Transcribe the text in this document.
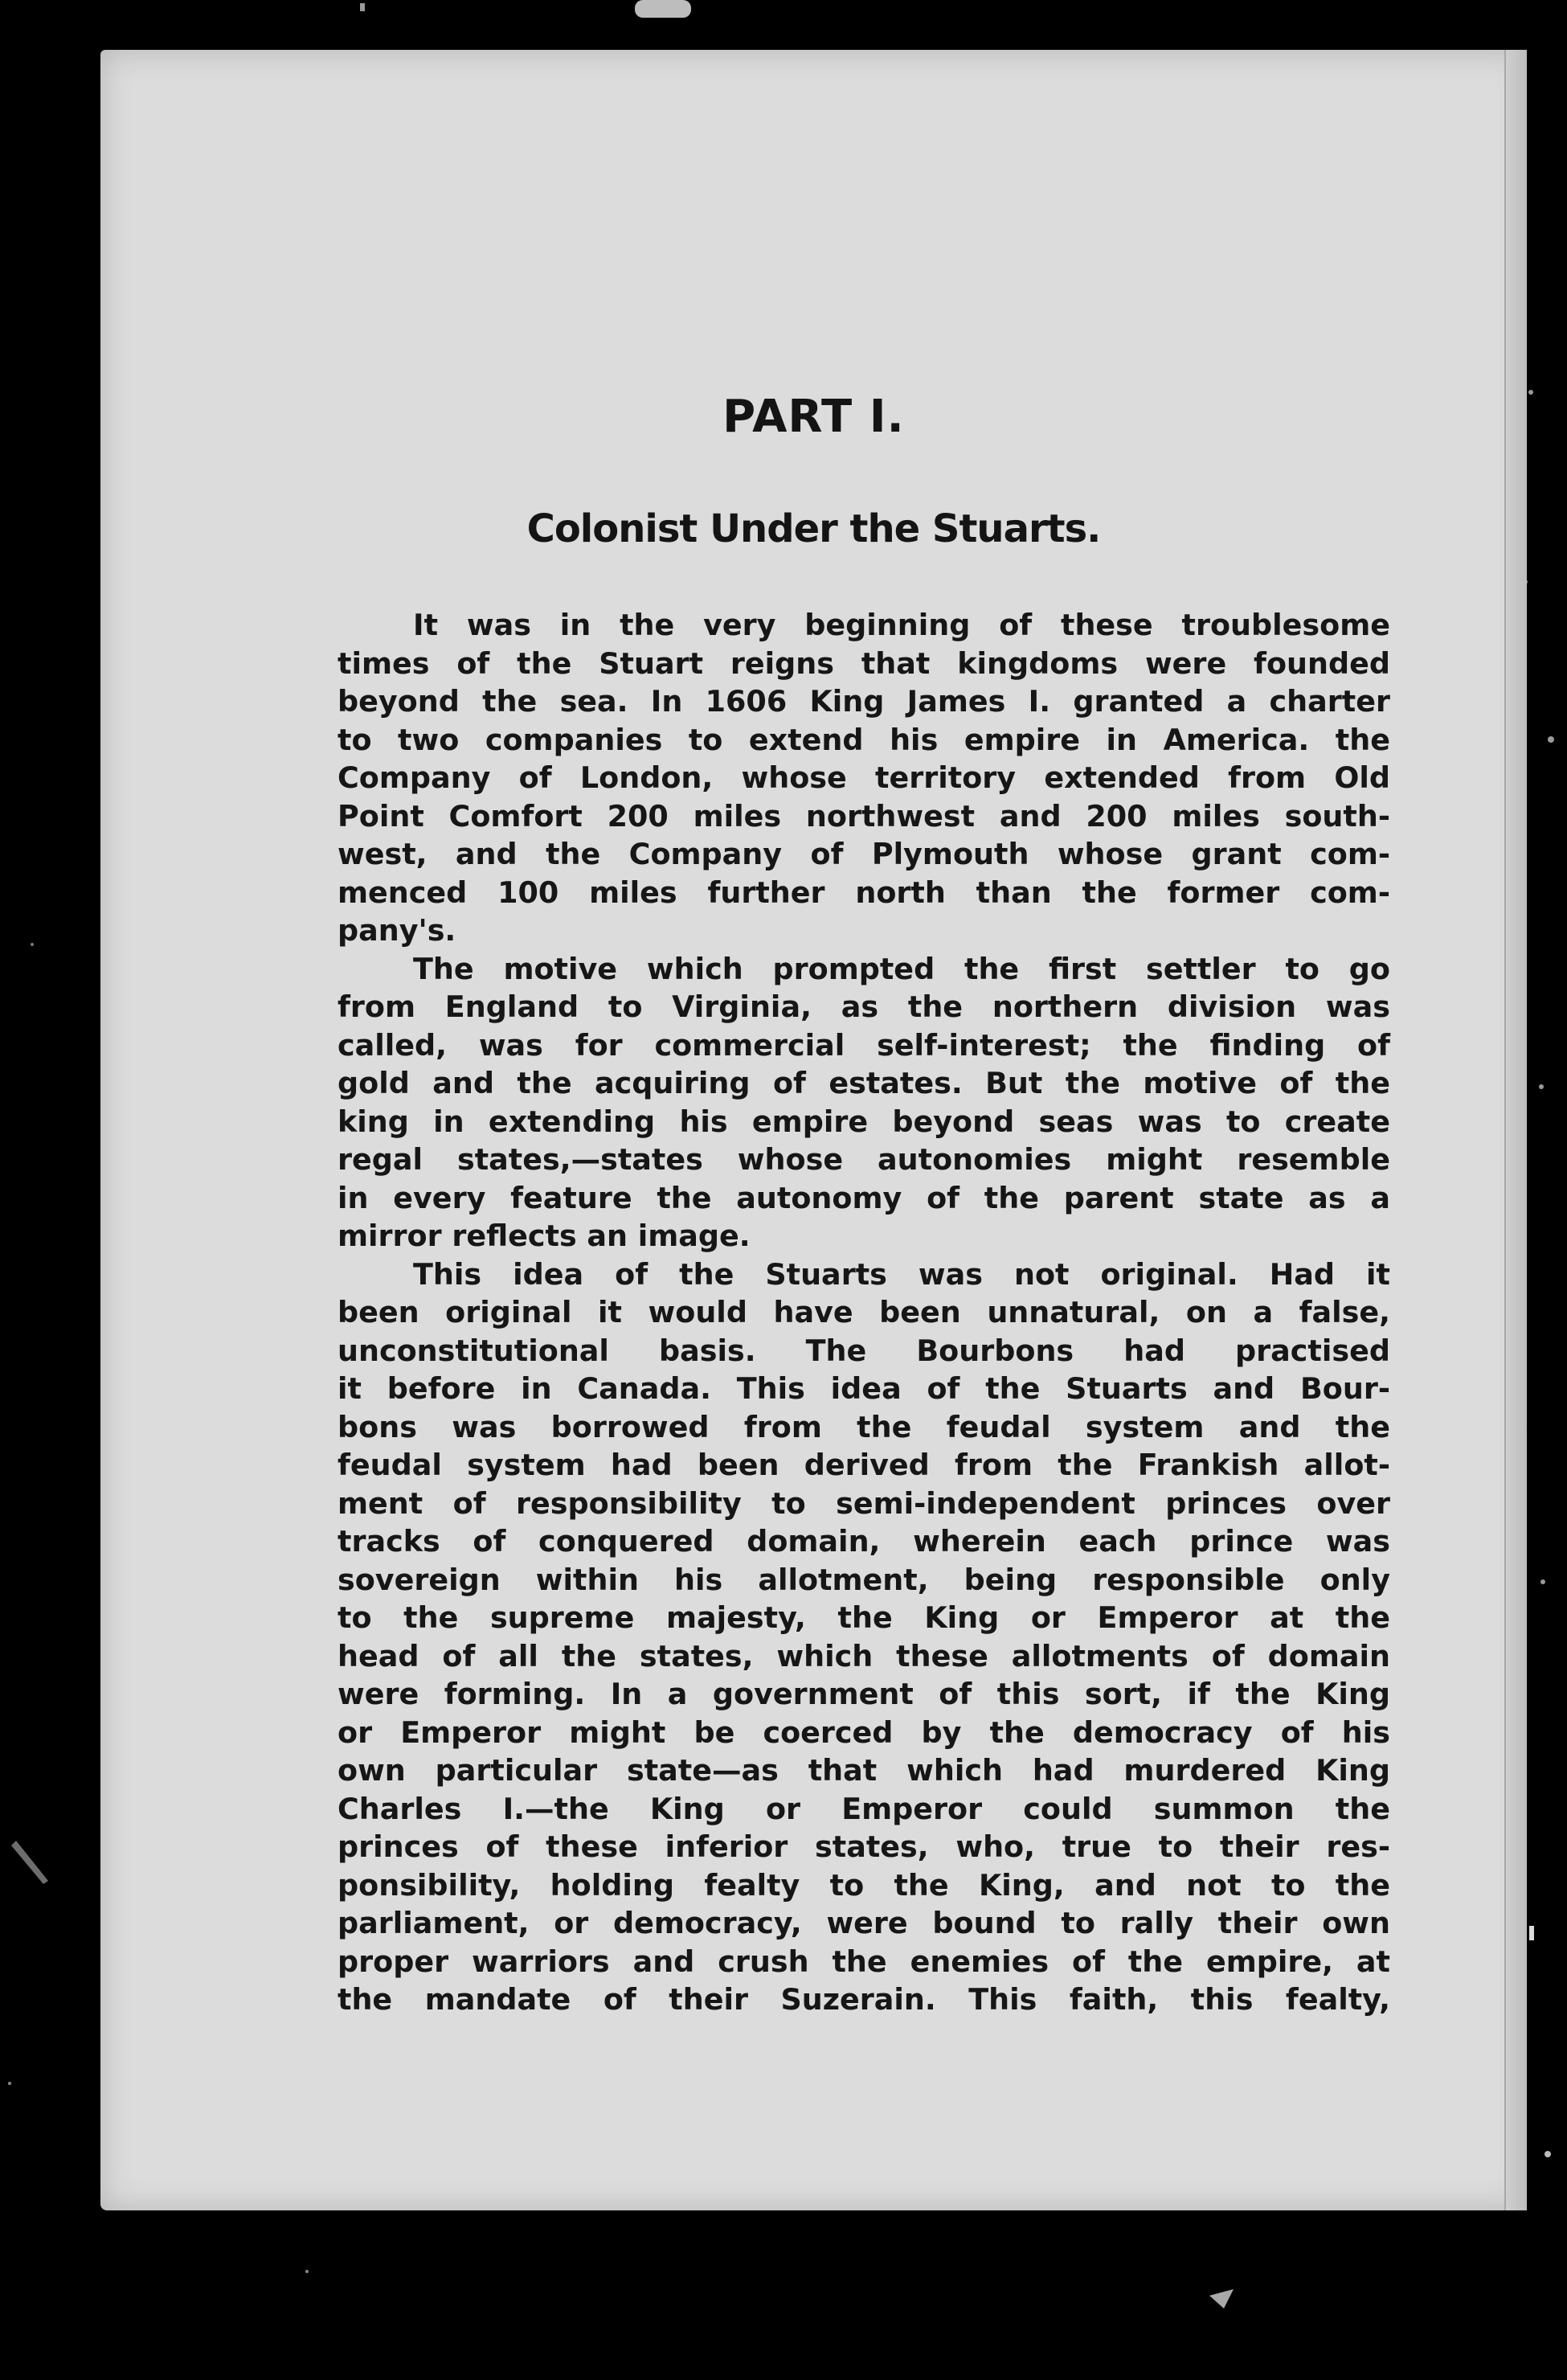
PART I.
Colonist Under the Stuarts.
It was in the very beginning of these troublesome
times of the Stuart reigns that kingdoms were founded
beyond the sea. In 1606 King James I. granted a charter
to two companies to extend his empire in America. the
Company of London, whose territory extended from Old
Point Comfort 200 miles northwest and 200 miles south-
west, and the Company of Plymouth whose grant com-
menced 100 miles further north than the former com-
pany's.
The motive which prompted the first settler to go
from England to Virginia, as the northern division was
called, was for commercial self-interest; the finding of
gold and the acquiring of estates. But the motive of the
king in extending his empire beyond seas was to create
regal states,—states whose autonomies might resemble
in every feature the autonomy of the parent state as a
mirror reflects an image.
This idea of the Stuarts was not original. Had it
been original it would have been unnatural, on a false,
unconstitutional basis. The Bourbons had practised
it before in Canada. This idea of the Stuarts and Bour-
bons was borrowed from the feudal system and the
feudal system had been derived from the Frankish allot-
ment of responsibility to semi-independent princes over
tracks of conquered domain, wherein each prince was
sovereign within his allotment, being responsible only
to the supreme majesty, the King or Emperor at the
head of all the states, which these allotments of domain
were forming. In a government of this sort, if the King
or Emperor might be coerced by the democracy of his
own particular state—as that which had murdered King
Charles I.—the King or Emperor could summon the
princes of these inferior states, who, true to their res-
ponsibility, holding fealty to the King, and not to the
parliament, or democracy, were bound to rally their own
proper warriors and crush the enemies of the empire, at
the mandate of their Suzerain. This faith, this fealty,
